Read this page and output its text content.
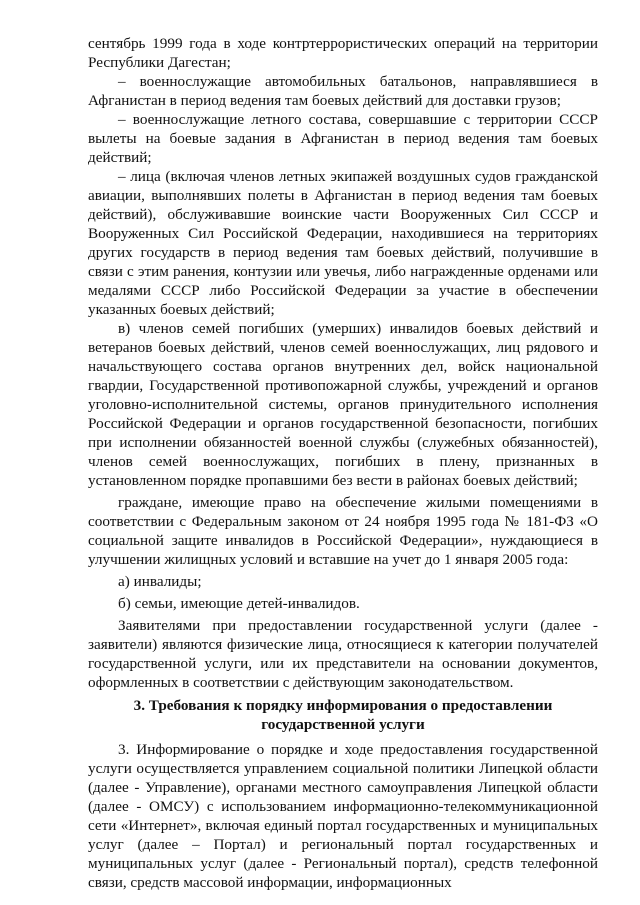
сентябрь 1999 года в ходе контртеррористических операций на территории Республики Дагестан;

– военнослужащие автомобильных батальонов, направлявшиеся в Афганистан в период ведения там боевых действий для доставки грузов;

– военнослужащие летного состава, совершавшие с территории СССР вылеты на боевые задания в Афганистан в период ведения там боевых действий;

– лица (включая членов летных экипажей воздушных судов гражданской авиации, выполнявших полеты в Афганистан в период ведения там боевых действий), обслуживавшие воинские части Вооруженных Сил СССР и Вооруженных Сил Российской Федерации, находившиеся на территориях других государств в период ведения там боевых действий, получившие в связи с этим ранения, контузии или увечья, либо награжденные орденами или медалями СССР либо Российской Федерации за участие в обеспечении указанных боевых действий;

в) членов семей погибших (умерших) инвалидов боевых действий и ветеранов боевых действий, членов семей военнослужащих, лиц рядового и начальствующего состава органов внутренних дел, войск национальной гвардии, Государственной противопожарной службы, учреждений и органов уголовно-исполнительной системы, органов принудительного исполнения Российской Федерации и органов государственной безопасности, погибших при исполнении обязанностей военной службы (служебных обязанностей), членов семей военнослужащих, погибших в плену, признанных в установленном порядке пропавшими без вести в районах боевых действий;

граждане, имеющие право на обеспечение жилыми помещениями в соответствии с Федеральным законом от 24 ноября 1995 года № 181-ФЗ «О социальной защите инвалидов в Российской Федерации», нуждающиеся в улучшении жилищных условий и вставшие на учет до 1 января 2005 года:

а) инвалиды;

б) семьи, имеющие детей-инвалидов.

Заявителями при предоставлении государственной услуги (далее - заявители) являются физические лица, относящиеся к категории получателей государственной услуги, или их представители на основании документов, оформленных в соответствии с действующим законодательством.

3. Требования к порядку информирования о предоставлении государственной услуги

3. Информирование о порядке и ходе предоставления государственной услуги осуществляется управлением социальной политики Липецкой области (далее - Управление), органами местного самоуправления Липецкой области (далее - ОМСУ) с использованием информационно-телекоммуникационной сети «Интернет», включая единый портал государственных и муниципальных услуг (далее – Портал) и региональный портал государственных и муниципальных услуг (далее - Региональный портал), средств телефонной связи, средств массовой информации, информационных
